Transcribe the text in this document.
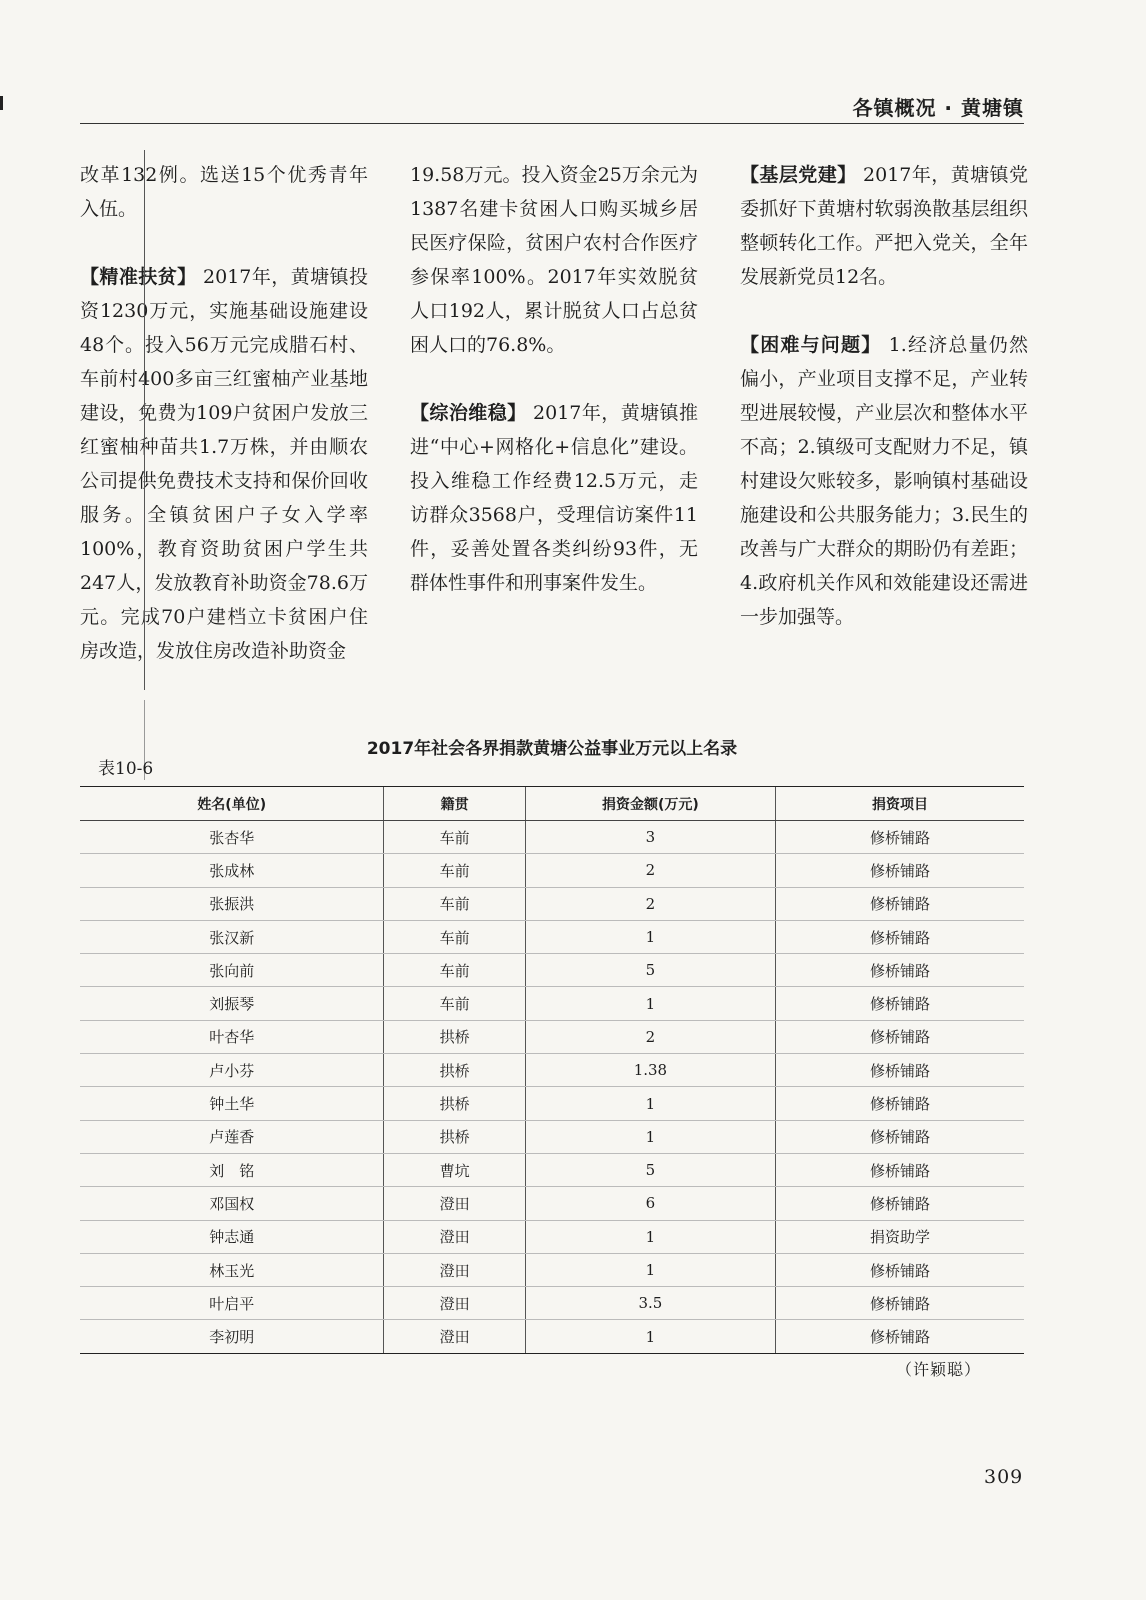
各镇概况 · 黄塘镇

改革132例。选送15个优秀青年入伍。

【精准扶贫】 2017年，黄塘镇投资1230万元，实施基础设施建设48个。投入56万元完成腊石村、车前村400多亩三红蜜柚产业基地建设，免费为109户贫困户发放三红蜜柚种苗共1.7万株，并由顺农公司提供免费技术支持和保价回收服务。全镇贫困户子女入学率100%，教育资助贫困户学生共247人，发放教育补助资金78.6万元。完成70户建档立卡贫困户住房改造，发放住房改造补助资金

19.58万元。投入资金25万余元为1387名建卡贫困人口购买城乡居民医疗保险，贫困户农村合作医疗参保率100%。2017年实效脱贫人口192人，累计脱贫人口占总贫困人口的76.8%。

【综治维稳】 2017年，黄塘镇推进“中心+网格化+信息化”建设。投入维稳工作经费12.5万元，走访群众3568户，受理信访案件11件，妥善处置各类纠纷93件，无群体性事件和刑事案件发生。

【基层党建】 2017年，黄塘镇党委抓好下黄塘村软弱涣散基层组织整顿转化工作。严把入党关，全年发展新党员12名。

【困难与问题】 1.经济总量仍然偏小，产业项目支撑不足，产业转型进展较慢，产业层次和整体水平不高；2.镇级可支配财力不足，镇村建设欠账较多，影响镇村基础设施建设和公共服务能力；3.民生的改善与广大群众的期盼仍有差距；4.政府机关作风和效能建设还需进一步加强等。

2017年社会各界捐款黄塘公益事业万元以上名录
表10-6
姓名(单位)	籍贯	捐资金额(万元)	捐资项目
张杏华	车前	3	修桥铺路
张成林	车前	2	修桥铺路
张振洪	车前	2	修桥铺路
张汉新	车前	1	修桥铺路
张向前	车前	5	修桥铺路
刘振琴	车前	1	修桥铺路
叶杏华	拱桥	2	修桥铺路
卢小芬	拱桥	1.38	修桥铺路
钟土华	拱桥	1	修桥铺路
卢莲香	拱桥	1	修桥铺路
刘　铭	曹坑	5	修桥铺路
邓国权	澄田	6	修桥铺路
钟志通	澄田	1	捐资助学
林玉光	澄田	1	修桥铺路
叶启平	澄田	3.5	修桥铺路
李初明	澄田	1	修桥铺路
（许颖聪）
309
